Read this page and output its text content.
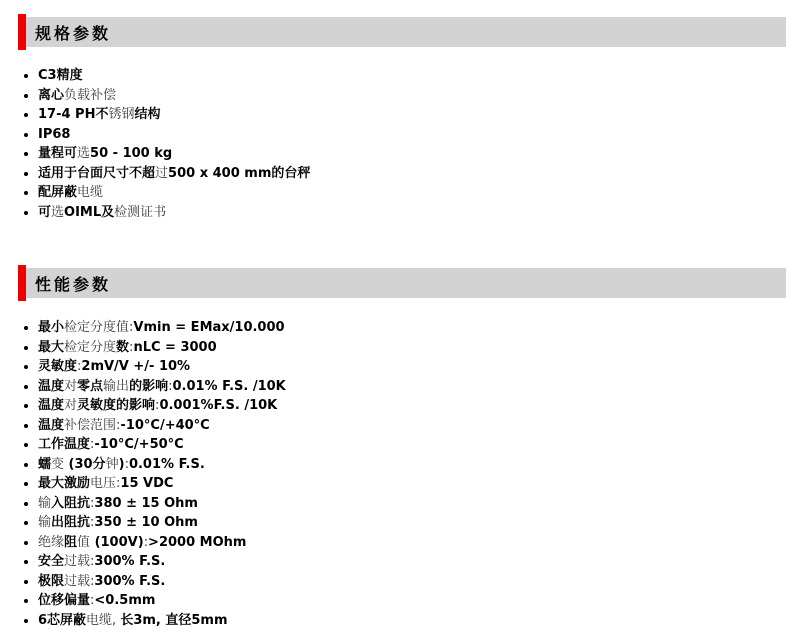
规格参数
• C3精度
• 离心负载补偿
• 17-4 PH不锈钢结构
• IP68
• 量程可选50 - 100 kg
• 适用于台面尺寸不超过500 x 400 mm的台秤
• 配屏蔽电缆
• 可选OIML及检测证书
性能参数
• 最小检定分度值:Vmin = EMax/10.000
• 最大检定分度数:nLC = 3000
• 灵敏度:2mV/V +/- 10%
• 温度对零点输出的影响:0.01% F.S. /10K
• 温度对灵敏度的影响:0.001%F.S. /10K
• 温度补偿范围:-10°C/+40°C
• 工作温度:-10°C/+50°C
• 蠕变 (30分钟):0.01% F.S.
• 最大激励电压:15 VDC
• 输入阻抗:380 ± 15 Ohm
• 输出阻抗:350 ± 10 Ohm
• 绝缘阻值 (100V):>2000 MOhm
• 安全过载:300% F.S.
• 极限过载:300% F.S.
• 位移偏量:<0.5mm
• 6芯屏蔽电缆, 长3m, 直径5mm
